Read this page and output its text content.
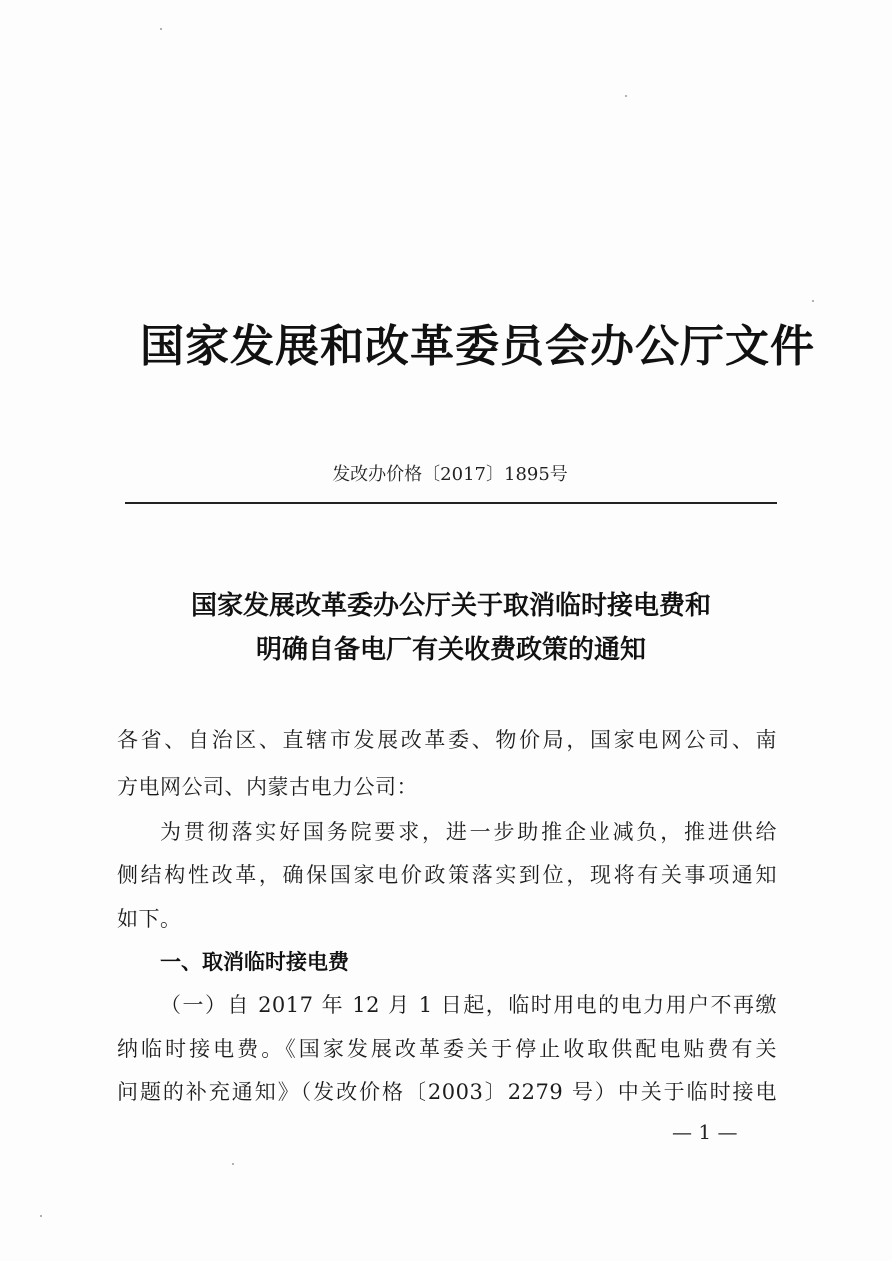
国家发展和改革委员会办公厅文件
发改办价格〔2017〕1895号
国家发展改革委办公厅关于取消临时接电费和
明确自备电厂有关收费政策的通知
各省、自治区、直辖市发展改革委、物价局，国家电网公司、南
方电网公司、内蒙古电力公司：
为贯彻落实好国务院要求，进一步助推企业减负，推进供给
侧结构性改革，确保国家电价政策落实到位，现将有关事项通知
如下。
一、取消临时接电费
（一）自 2017 年 12 月 1 日起，临时用电的电力用户不再缴
纳临时接电费。《国家发展改革委关于停止收取供配电贴费有关
问题的补充通知》（发改价格〔2003〕2279 号）中关于临时接电
— 1 —
